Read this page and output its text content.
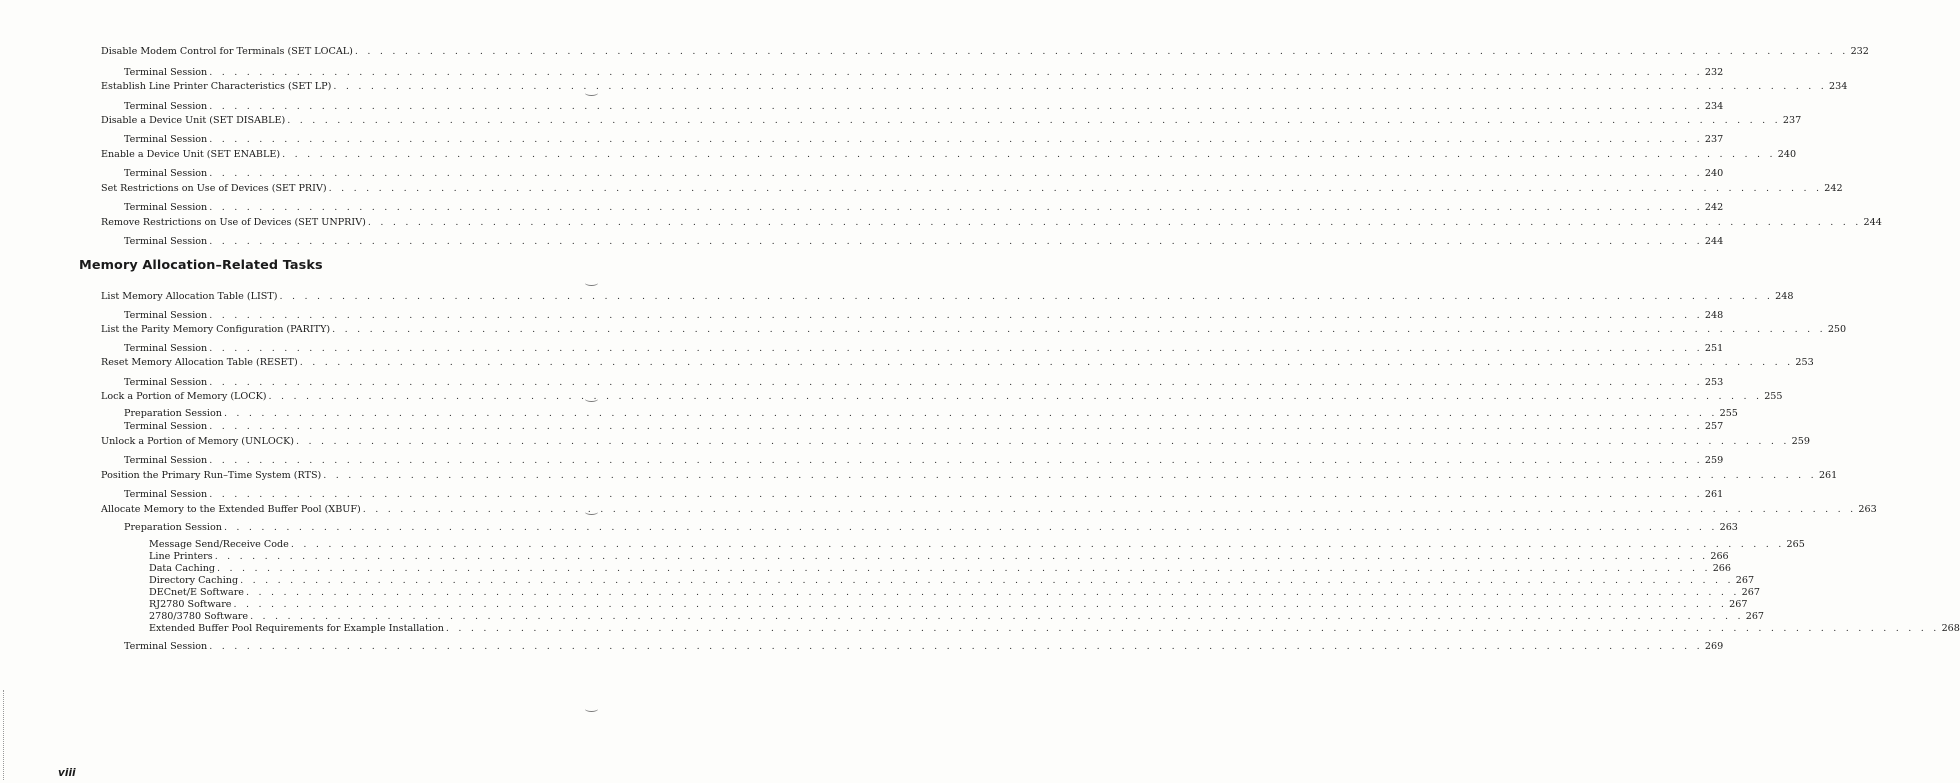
Disable Modem Control for Terminals (SET LOCAL) . . . . . . . . . . . . . . . . . . . . . . . . . . . . . . . . . . . . . . . . . . . . . . . . . . . . . . . . . . . . . . . . . . . . . . . . . . . . . . . . . . . . . . . . . . . . . . . . . . . . . . . . . . . . . . . . . . . . . . . . 232
Terminal Session . . . . . . . . . . . . . . . . . . . . . . . . . . . . . . . . . . . . . . . . . . . . . . . . . . . . . . . . . . . . . . . . . . . . . . . . . . . . . . . . . . . . . . . . . . . . . . . . . . . . . . . . . . . . . . . . . . . . . . . . 232
Establish Line Printer Characteristics (SET LP) . . . . . . . . . . . . . . . . . . . . . . . . . . . . . . . . . . . . . . . . . . . . . . . . . . . . . . . . . . . . . . . . . . . . . . . . . . . . . . . . . . . . . . . . . . . . . . . . . . . . . . . . . . . . . . . . . . . . . . . . 234
Terminal Session . . . . . . . . . . . . . . . . . . . . . . . . . . . . . . . . . . . . . . . . . . . . . . . . . . . . . . . . . . . . . . . . . . . . . . . . . . . . . . . . . . . . . . . . . . . . . . . . . . . . . . . . . . . . . . . . . . . . . . . . 234
Disable a Device Unit (SET DISABLE) . . . . . . . . . . . . . . . . . . . . . . . . . . . . . . . . . . . . . . . . . . . . . . . . . . . . . . . . . . . . . . . . . . . . . . . . . . . . . . . . . . . . . . . . . . . . . . . . . . . . . . . . . . . . . . . . . . . . . . . . 237
Terminal Session . . . . . . . . . . . . . . . . . . . . . . . . . . . . . . . . . . . . . . . . . . . . . . . . . . . . . . . . . . . . . . . . . . . . . . . . . . . . . . . . . . . . . . . . . . . . . . . . . . . . . . . . . . . . . . . . . . . . . . . . 237
Enable a Device Unit (SET ENABLE) . . . . . . . . . . . . . . . . . . . . . . . . . . . . . . . . . . . . . . . . . . . . . . . . . . . . . . . . . . . . . . . . . . . . . . . . . . . . . . . . . . . . . . . . . . . . . . . . . . . . . . . . . . . . . . . . . . . . . . . . 240
Terminal Session . . . . . . . . . . . . . . . . . . . . . . . . . . . . . . . . . . . . . . . . . . . . . . . . . . . . . . . . . . . . . . . . . . . . . . . . . . . . . . . . . . . . . . . . . . . . . . . . . . . . . . . . . . . . . . . . . . . . . . . . 240
Set Restrictions on Use of Devices (SET PRIV) . . . . . . . . . . . . . . . . . . . . . . . . . . . . . . . . . . . . . . . . . . . . . . . . . . . . . . . . . . . . . . . . . . . . . . . . . . . . . . . . . . . . . . . . . . . . . . . . . . . . . . . . . . . . . . . . . . . . . . . . 242
Terminal Session . . . . . . . . . . . . . . . . . . . . . . . . . . . . . . . . . . . . . . . . . . . . . . . . . . . . . . . . . . . . . . . . . . . . . . . . . . . . . . . . . . . . . . . . . . . . . . . . . . . . . . . . . . . . . . . . . . . . . . . . 242
Remove Restrictions on Use of Devices (SET UNPRIV) . . . . . . . . . . . . . . . . . . . . . . . . . . . . . . . . . . . . . . . . . . . . . . . . . . . . . . . . . . . . . . . . . . . . . . . . . . . . . . . . . . . . . . . . . . . . . . . . . . . . . . . . . . . . . . . . . . . . . . . . 244
Terminal Session . . . . . . . . . . . . . . . . . . . . . . . . . . . . . . . . . . . . . . . . . . . . . . . . . . . . . . . . . . . . . . . . . . . . . . . . . . . . . . . . . . . . . . . . . . . . . . . . . . . . . . . . . . . . . . . . . . . . . . . . 244
List Memory Allocation Table (LIST) . . . . . . . . . . . . . . . . . . . . . . . . . . . . . . . . . . . . . . . . . . . . . . . . . . . . . . . . . . . . . . . . . . . . . . . . . . . . . . . . . . . . . . . . . . . . . . . . . . . . . . . . . . . . . . . . . . . . . . . . 248
Terminal Session . . . . . . . . . . . . . . . . . . . . . . . . . . . . . . . . . . . . . . . . . . . . . . . . . . . . . . . . . . . . . . . . . . . . . . . . . . . . . . . . . . . . . . . . . . . . . . . . . . . . . . . . . . . . . . . . . . . . . . . . 248
List the Parity Memory Configuration (PARITY) . . . . . . . . . . . . . . . . . . . . . . . . . . . . . . . . . . . . . . . . . . . . . . . . . . . . . . . . . . . . . . . . . . . . . . . . . . . . . . . . . . . . . . . . . . . . . . . . . . . . . . . . . . . . . . . . . . . . . . . . 250
Terminal Session . . . . . . . . . . . . . . . . . . . . . . . . . . . . . . . . . . . . . . . . . . . . . . . . . . . . . . . . . . . . . . . . . . . . . . . . . . . . . . . . . . . . . . . . . . . . . . . . . . . . . . . . . . . . . . . . . . . . . . . . 251
Reset Memory Allocation Table (RESET) . . . . . . . . . . . . . . . . . . . . . . . . . . . . . . . . . . . . . . . . . . . . . . . . . . . . . . . . . . . . . . . . . . . . . . . . . . . . . . . . . . . . . . . . . . . . . . . . . . . . . . . . . . . . . . . . . . . . . . . . 253
Terminal Session . . . . . . . . . . . . . . . . . . . . . . . . . . . . . . . . . . . . . . . . . . . . . . . . . . . . . . . . . . . . . . . . . . . . . . . . . . . . . . . . . . . . . . . . . . . . . . . . . . . . . . . . . . . . . . . . . . . . . . . . 253
Lock a Portion of Memory (LOCK) . . . . . . . . . . . . . . . . . . . . . . . . . . . . . . . . . . . . . . . . . . . . . . . . . . . . . . . . . . . . . . . . . . . . . . . . . . . . . . . . . . . . . . . . . . . . . . . . . . . . . . . . . . . . . . . . . . . . . . . . 255
Preparation Session . . . . . . . . . . . . . . . . . . . . . . . . . . . . . . . . . . . . . . . . . . . . . . . . . . . . . . . . . . . . . . . . . . . . . . . . . . . . . . . . . . . . . . . . . . . . . . . . . . . . . . . . . . . . . . . . . . . . . . . . 255
Terminal Session . . . . . . . . . . . . . . . . . . . . . . . . . . . . . . . . . . . . . . . . . . . . . . . . . . . . . . . . . . . . . . . . . . . . . . . . . . . . . . . . . . . . . . . . . . . . . . . . . . . . . . . . . . . . . . . . . . . . . . . . 257
Unlock a Portion of Memory (UNLOCK) . . . . . . . . . . . . . . . . . . . . . . . . . . . . . . . . . . . . . . . . . . . . . . . . . . . . . . . . . . . . . . . . . . . . . . . . . . . . . . . . . . . . . . . . . . . . . . . . . . . . . . . . . . . . . . . . . . . . . . . . 259
Terminal Session . . . . . . . . . . . . . . . . . . . . . . . . . . . . . . . . . . . . . . . . . . . . . . . . . . . . . . . . . . . . . . . . . . . . . . . . . . . . . . . . . . . . . . . . . . . . . . . . . . . . . . . . . . . . . . . . . . . . . . . . 259
Position the Primary Run–Time System (RTS) . . . . . . . . . . . . . . . . . . . . . . . . . . . . . . . . . . . . . . . . . . . . . . . . . . . . . . . . . . . . . . . . . . . . . . . . . . . . . . . . . . . . . . . . . . . . . . . . . . . . . . . . . . . . . . . . . . . . . . . . 261
Terminal Session . . . . . . . . . . . . . . . . . . . . . . . . . . . . . . . . . . . . . . . . . . . . . . . . . . . . . . . . . . . . . . . . . . . . . . . . . . . . . . . . . . . . . . . . . . . . . . . . . . . . . . . . . . . . . . . . . . . . . . . . 261
Allocate Memory to the Extended Buffer Pool (XBUF) . . . . . . . . . . . . . . . . . . . . . . . . . . . . . . . . . . . . . . . . . . . . . . . . . . . . . . . . . . . . . . . . . . . . . . . . . . . . . . . . . . . . . . . . . . . . . . . . . . . . . . . . . . . . . . . . . . . . . . . . 263
Preparation Session . . . . . . . . . . . . . . . . . . . . . . . . . . . . . . . . . . . . . . . . . . . . . . . . . . . . . . . . . . . . . . . . . . . . . . . . . . . . . . . . . . . . . . . . . . . . . . . . . . . . . . . . . . . . . . . . . . . . . . . . 263
Message Send/Receive Code . . . . . . . . . . . . . . . . . . . . . . . . . . . . . . . . . . . . . . . . . . . . . . . . . . . . . . . . . . . . . . . . . . . . . . . . . . . . . . . . . . . . . . . . . . . . . . . . . . . . . . . . . . . . . . . . . . . . . . . . 265
Line Printers . . . . . . . . . . . . . . . . . . . . . . . . . . . . . . . . . . . . . . . . . . . . . . . . . . . . . . . . . . . . . . . . . . . . . . . . . . . . . . . . . . . . . . . . . . . . . . . . . . . . . . . . . . . . . . . . . . . . . . . . 266
Data Caching . . . . . . . . . . . . . . . . . . . . . . . . . . . . . . . . . . . . . . . . . . . . . . . . . . . . . . . . . . . . . . . . . . . . . . . . . . . . . . . . . . . . . . . . . . . . . . . . . . . . . . . . . . . . . . . . . . . . . . . . 266
Directory Caching . . . . . . . . . . . . . . . . . . . . . . . . . . . . . . . . . . . . . . . . . . . . . . . . . . . . . . . . . . . . . . . . . . . . . . . . . . . . . . . . . . . . . . . . . . . . . . . . . . . . . . . . . . . . . . . . . . . . . . . . 267
DECnet/E Software . . . . . . . . . . . . . . . . . . . . . . . . . . . . . . . . . . . . . . . . . . . . . . . . . . . . . . . . . . . . . . . . . . . . . . . . . . . . . . . . . . . . . . . . . . . . . . . . . . . . . . . . . . . . . . . . . . . . . . . . 267
RJ2780 Software . . . . . . . . . . . . . . . . . . . . . . . . . . . . . . . . . . . . . . . . . . . . . . . . . . . . . . . . . . . . . . . . . . . . . . . . . . . . . . . . . . . . . . . . . . . . . . . . . . . . . . . . . . . . . . . . . . . . . . . . 267
2780/3780 Software . . . . . . . . . . . . . . . . . . . . . . . . . . . . . . . . . . . . . . . . . . . . . . . . . . . . . . . . . . . . . . . . . . . . . . . . . . . . . . . . . . . . . . . . . . . . . . . . . . . . . . . . . . . . . . . . . . . . . . . . 267
Extended Buffer Pool Requirements for Example Installation . . . . . . . . . . . . . . . . . . . . . . . . . . . . . . . . . . . . . . . . . . . . . . . . . . . . . . . . . . . . . . . . . . . . . . . . . . . . . . . . . . . . . . . . . . . . . . . . . . . . . . . . . . . . . . . . . . . . . . . . 268
Terminal Session . . . . . . . . . . . . . . . . . . . . . . . . . . . . . . . . . . . . . . . . . . . . . . . . . . . . . . . . . . . . . . . . . . . . . . . . . . . . . . . . . . . . . . . . . . . . . . . . . . . . . . . . . . . . . . . . . . . . . . . . 269
Memory Allocation–Related Tasks
viii
